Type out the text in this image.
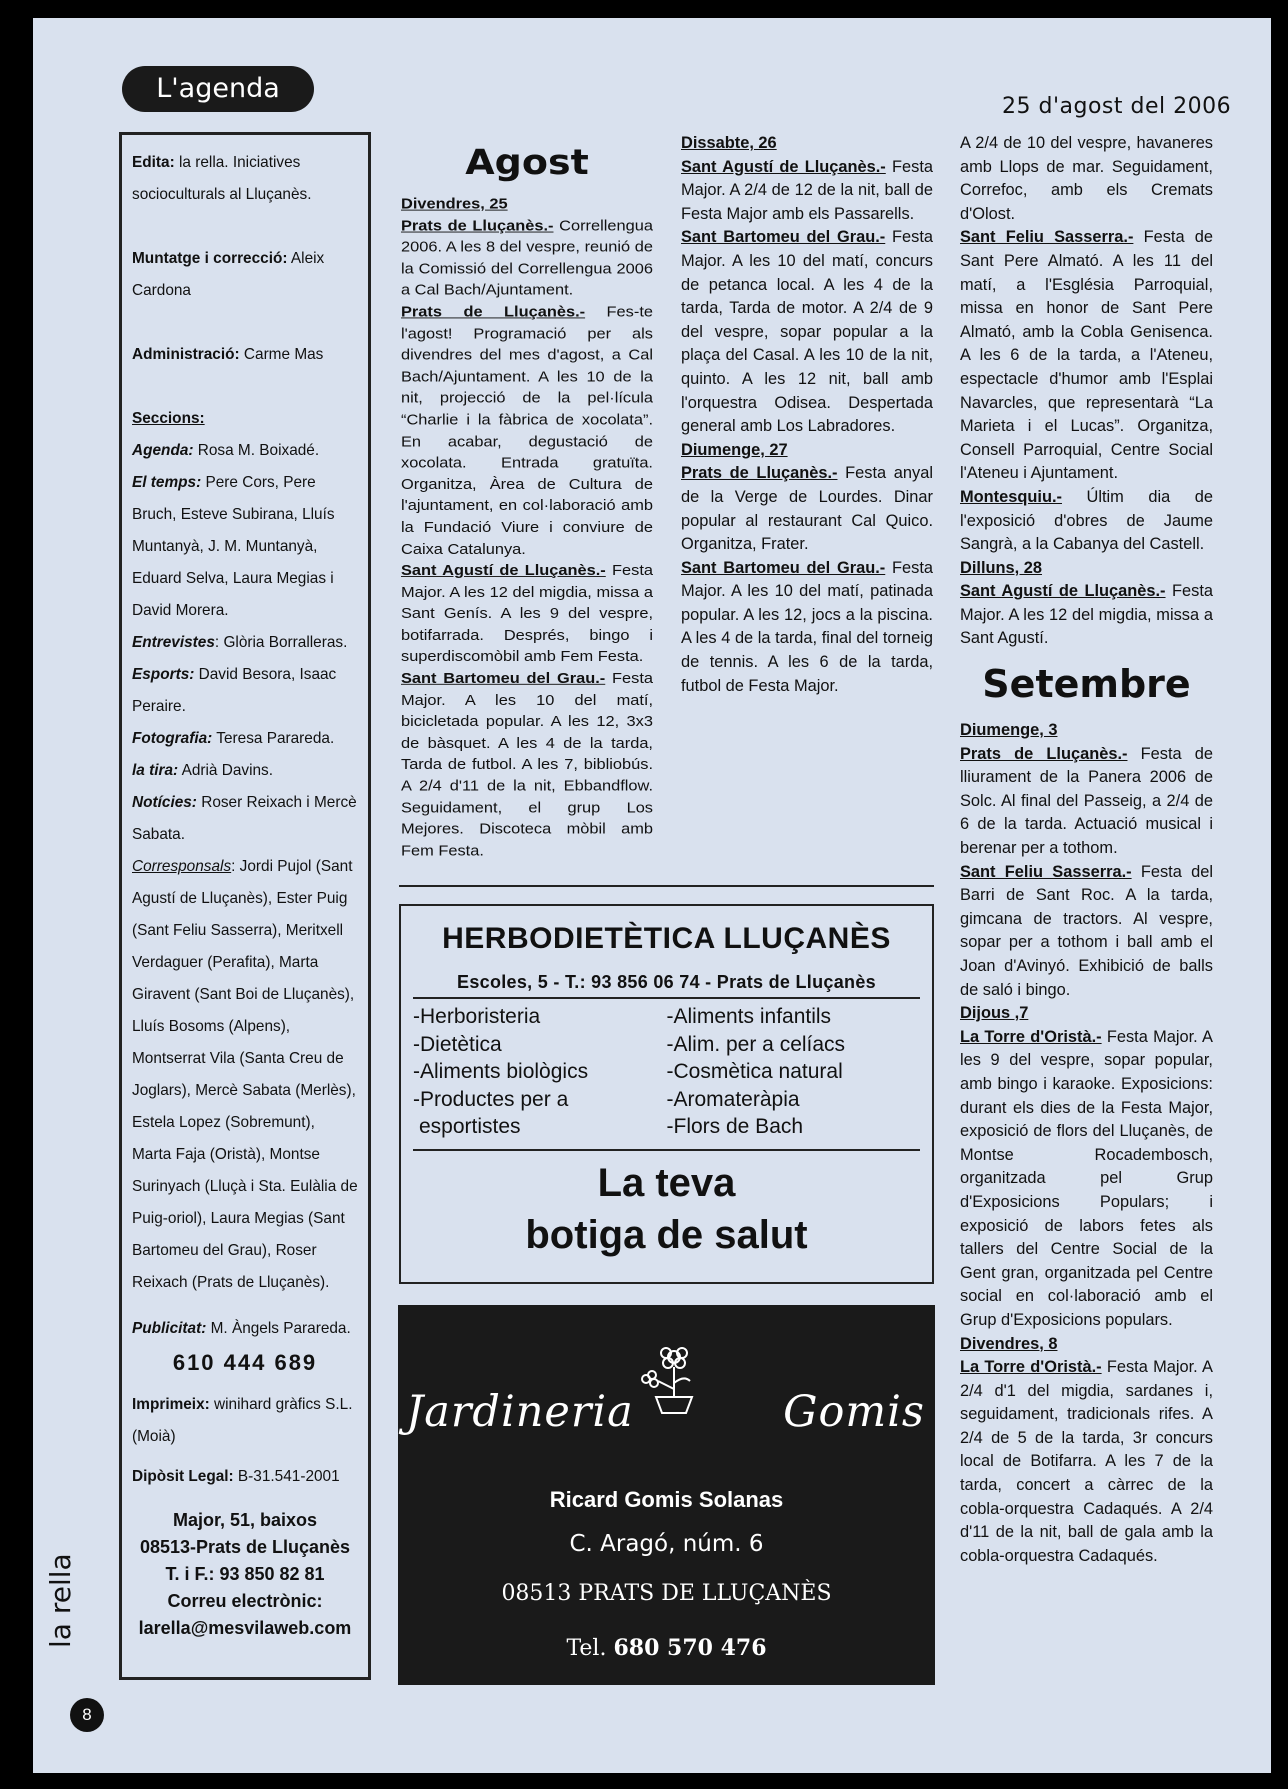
L'agenda
25 d'agost del 2006

Edita: la rella. Iniciatives socioculturals al Lluçanès.

Muntatge i correcció: Aleix Cardona

Administració: Carme Mas

Seccions:

Agenda: Rosa M. Boixadé.

El temps: Pere Cors, Pere Bruch, Esteve Subirana, Lluís Muntanyà, J. M. Muntanyà, Eduard Selva, Laura Megias i David Morera.

Entrevistes: Glòria Borralleras.

Esports: David Besora, Isaac Peraire.

Fotografia: Teresa Parareda.

la tira: Adrià Davins.

Notícies: Roser Reixach i Mercè Sabata.

Corresponsals: Jordi Pujol (Sant Agustí de Lluçanès), Ester Puig (Sant Feliu Sasserra), Meritxell Verdaguer (Perafita), Marta Giravent (Sant Boi de Lluçanès), Lluís Bosoms (Alpens), Montserrat Vila (Santa Creu de Joglars), Mercè Sabata (Merlès), Estela Lopez (Sobremunt), Marta Faja (Oristà), Montse Surinyach (Lluçà i Sta. Eulàlia de Puig-oriol), Laura Megias (Sant Bartomeu del Grau), Roser Reixach (Prats de Lluçanès).

Publicitat: M. Àngels Parareda.

610 444 689

Imprimeix: winihard gràfics S.L. (Moià)

Dipòsit Legal: B-31.541-2001

Major, 51, baixos

08513-Prats de Lluçanès

T. i F.: 93 850 82 81

Correu electrònic:

larella@mesvilaweb.com

la rella
8
Agost

Divendres, 25

Prats de Lluçanès.- Correllengua 2006. A les 8 del vespre, reunió de la Comissió del Correllengua 2006 a Cal Bach/Ajuntament.

Prats de Lluçanès.- Fes-te l'agost! Programació per als divendres del mes d'agost, a Cal Bach/Ajuntament. A les 10 de la nit, projecció de la pel·lícula “Charlie i la fàbrica de xocolata”. En acabar, degustació de xocolata. Entrada gratuïta. Organitza, Àrea de Cultura de l'ajuntament, en col·laboració amb la Fundació Viure i conviure de Caixa Catalunya.

Sant Agustí de Lluçanès.- Festa Major. A les 12 del migdia, missa a Sant Genís. A les 9 del vespre, botifarrada. Després, bingo i superdiscomòbil amb Fem Festa.

Sant Bartomeu del Grau.- Festa Major. A les 10 del matí, bicicletada popular. A les 12, 3x3 de bàsquet. A les 4 de la tarda, Tarda de futbol. A les 7, bibliobús. A 2/4 d'11 de la nit, Ebbandflow. Seguidament, el grup Los Mejores. Discoteca mòbil amb Fem Festa.

Dissabte, 26

Sant Agustí de Lluçanès.- Festa Major. A 2/4 de 12 de la nit, ball de Festa Major amb els Passarells.

Sant Bartomeu del Grau.- Festa Major. A les 10 del matí, concurs de petanca local. A les 4 de la tarda, Tarda de motor. A 2/4 de 9 del vespre, sopar popular a la plaça del Casal. A les 10 de la nit, quinto. A les 12 nit, ball amb l'orquestra Odisea. Despertada general amb Los Labradores.

Diumenge, 27

Prats de Lluçanès.- Festa anyal de la Verge de Lourdes. Dinar popular al restaurant Cal Quico. Organitza, Frater.

Sant Bartomeu del Grau.- Festa Major. A les 10 del matí, patinada popular. A les 12, jocs a la piscina. A les 4 de la tarda, final del torneig de tennis. A les 6 de la tarda, futbol de Festa Major.

A 2/4 de 10 del vespre, havaneres amb Llops de mar. Seguidament, Correfoc, amb els Cremats d'Olost.

Sant Feliu Sasserra.- Festa de Sant Pere Almató. A les 11 del matí, a l'Església Parroquial, missa en honor de Sant Pere Almató, amb la Cobla Genisenca. A les 6 de la tarda, a l'Ateneu, espectacle d'humor amb l'Esplai Navarcles, que representarà “La Marieta i el Lucas”. Organitza, Consell Parroquial, Centre Social l'Ateneu i Ajuntament.

Montesquiu.- Últim dia de l'exposició d'obres de Jaume Sangrà, a la Cabanya del Castell.

Dilluns, 28

Sant Agustí de Lluçanès.- Festa Major. A les 12 del migdia, missa a Sant Agustí.

Setembre

Diumenge, 3

Prats de Lluçanès.- Festa de lliurament de la Panera 2006 de Solc. Al final del Passeig, a 2/4 de 6 de la tarda. Actuació musical i berenar per a tothom.

Sant Feliu Sasserra.- Festa del Barri de Sant Roc. A la tarda, gimcana de tractors. Al vespre, sopar per a tothom i ball amb el Joan d'Avinyó. Exhibició de balls de saló i bingo.

Dijous ,7

La Torre d'Oristà.- Festa Major. A les 9 del vespre, sopar popular, amb bingo i karaoke. Exposicions: durant els dies de la Festa Major, exposició de flors del Lluçanès, de Montse Rocadembosch, organitzada pel Grup d'Exposicions Populars; i exposició de labors fetes als tallers del Centre Social de la Gent gran, organitzada pel Centre social en col·laboració amb el Grup d'Exposicions populars.

Divendres, 8

La Torre d'Oristà.- Festa Major. A 2/4 d'1 del migdia, sardanes i, seguidament, tradicionals rifes. A 2/4 de 5 de la tarda, 3r concurs local de Botifarra. A les 7 de la tarda, concert a càrrec de la cobla-orquestra Cadaqués. A 2/4 d'11 de la nit, ball de gala amb la cobla-orquestra Cadaqués.

HERBODIETÈTICA LLUÇANÈS
Escoles, 5 - T.: 93 856 06 74 - Prats de Lluçanès
-Herboristeria
-Dietètica
-Aliments biològics
-Productes per a
esportistes
-Aliments infantils
-Alim. per a celíacs
-Cosmètica natural
-Aromateràpia
-Flors de Bach
La teva
botiga de salut
Jardineria	Gomis
Ricard Gomis Solanas
C. Aragó, núm. 6
08513 PRATS DE LLUÇANÈS
Tel. 680 570 476
